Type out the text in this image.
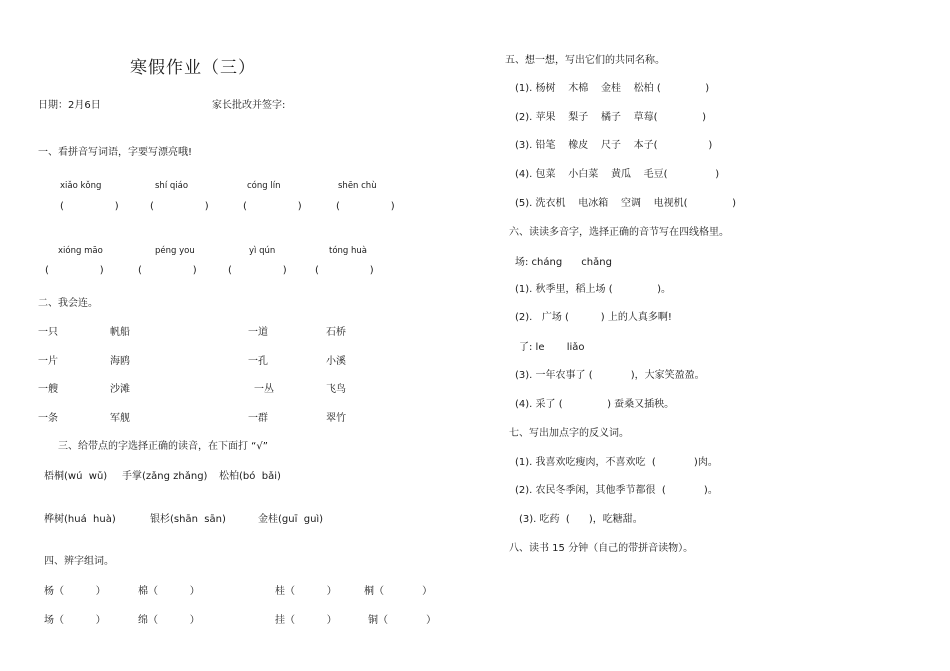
寒假作业（三）
日期：2月6日	家长批改并签字:
一、看拼音写词语，字要写漂亮哦!
xiǎo kǒng	shí qiáo	cóng lín	shēn chù
(                )	(                )	(                )	(                )
xióng māo	péng you	yì qún	tóng huà
(                )	(                )	(                )	(                )
二、我会连。
一只	帆船	一道	石桥
一片	海鸥	一孔	小溪
一艘	沙滩	一丛	飞鸟
一条	军舰	一群	翠竹
三、给带点的字选择正确的读音，在下面打 “√”
梧桐(wú  wǔ) 手掌(zǎng zhǎng) 松柏(bó  bǎi)
桦树(huá  huà)	银杉(shān  sān)	金桂(guī  guì)
四、辨字组词。
杨（          ）	棉（          ）	桂（          ）	桐（            ）
场（          ）	绵（          ）	挂（          ）	铜（            ）
五、想一想，写出它们的共同名称。
(1). 杨树    木棉    金桂    松柏 (              )
(2). 苹果    梨子    橘子    草莓(              )
(3). 铅笔    橡皮    尺子    本子(                )
(4). 包菜    小白菜    黄瓜    毛豆(               )
(5). 洗衣机    电冰箱    空调    电视机(              )
六、读读多音字，选择正确的音节写在四线格里。
场: cháng      chǎng
(1). 秋季里，稻上场 (              )。
(2).   广场 (          ) 上的人真多啊!
了: le       liǎo
(3). 一年农事了 (            )，大家笑盈盈。
(4). 采了 (              ) 蚕桑又插秧。
七、写出加点字的反义词。
(1). 我喜欢吃瘦肉，不喜欢吃  (            )肉。
(2). 农民冬季闲，其他季节都很  (            )。
(3). 吃药  (      )，吃糖甜。
八、读书 15 分钟（自己的带拼音读物）。
